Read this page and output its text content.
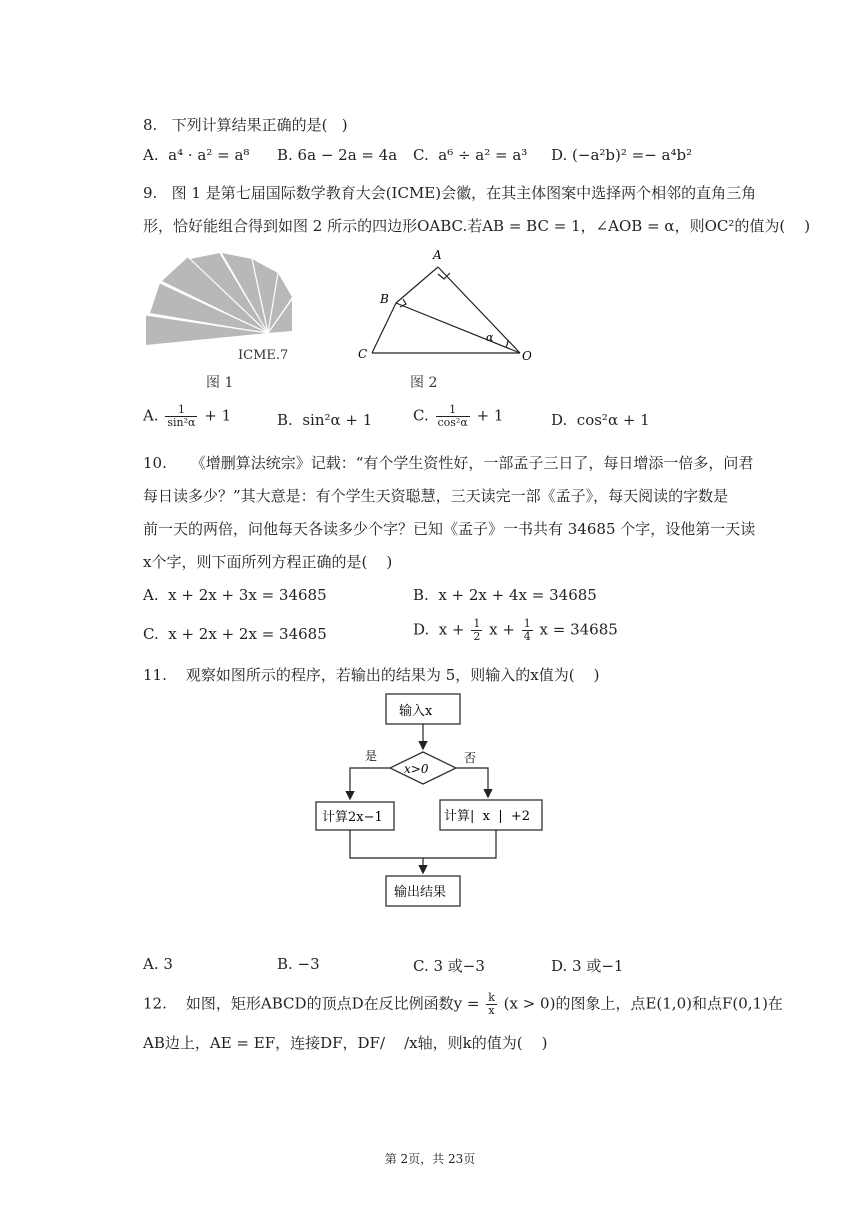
8.   下列计算结果正确的是(   )
A.  a⁴ · a² = a⁸ B. 6a − 2a = 4a C.  a⁶ ÷ a² = a³ D. (−a²b)² =− a⁴b²
9.   图 1 是第七届国际数学教育大会(ICME)会徽，在其主体图案中选择两个相邻的直角三角
形，恰好能组合得到如图 2 所示的四边形OABC.若AB = BC = 1，∠AOB = α，则OC²的值为(    )
ICME.7
图 1
A
B
C	O
α
图 2
A. $\frac{1}{\text{sin²α}} + 1$	B.  sin²α + 1	C. $\frac{1}{\text{cos²α}} + 1$	D.  cos²α + 1
10.     《增删算法统宗》记载：“有个学生资性好，一部孟子三日了，每日增添一倍多，问君
每日读多少？”其大意是：有个学生天资聪慧，三天读完一部《孟子》，每天阅读的字数是
前一天的两倍，问他每天各读多少个字？已知《孟子》一书共有 34685 个字，设他第一天读
x个字，则下面所列方程正确的是(    )
A.  x + 2x + 3x = 34685	B.  x + 2x + 4x = 34685
C.  x + 2x + 2x = 34685	D.  $x + \frac{1}{2}$ $x + \frac{1}{4}$ x = 34685
11.    观察如图所示的程序，若输出的结果为 5，则输入的x值为(    )
输入x
x>0
是	否
计算2x−1	计算|  x  |  +2
输出结果
A. 3	B. −3	C. 3 或−3	D. 3 或−1
12.    如图，矩形ABCD的顶点D在反比例函数$y = \frac{k}{x} (x > 0)$的图象上，点E(1,0)和点F(0,1)在
AB边上，AE = EF，连接DF，DF/    /x轴，则k的值为(    )
第 2页，共 23页
